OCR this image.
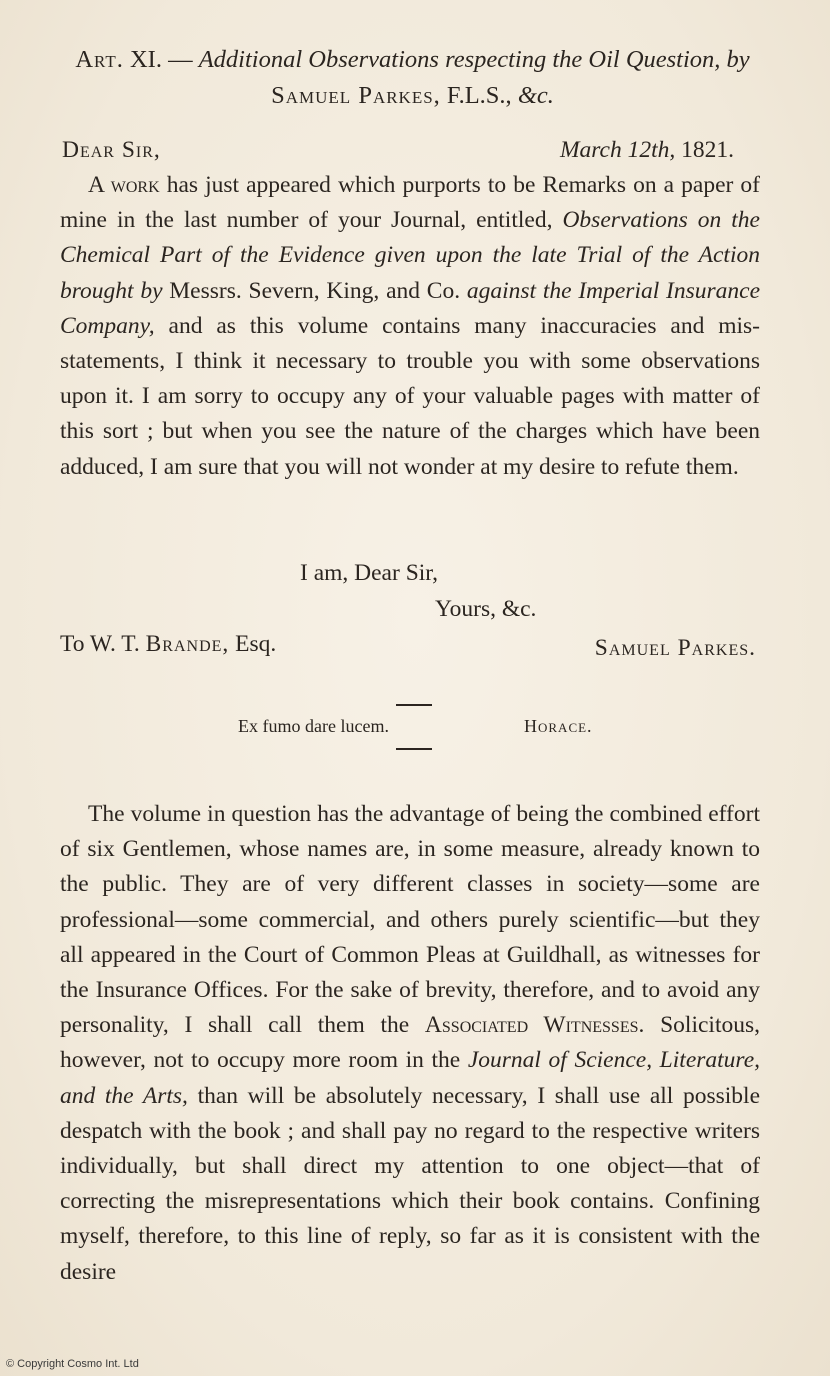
Art. XI. — Additional Observations respecting the Oil Question, by Samuel Parkes, F.L.S., &c.
Dear Sir,	March 12th, 1821.

A work has just appeared which purports to be Remarks on a paper of mine in the last number of your Journal, entitled, Observations on the Chemical Part of the Evidence given upon the late Trial of the Action brought by Messrs. Severn, King, and Co. against the Imperial Insurance Company, and as this volume contains many inaccuracies and mis-statements, I think it necessary to trouble you with some observations upon it. I am sorry to occupy any of your valuable pages with matter of this sort ; but when you see the nature of the charges which have been adduced, I am sure that you will not wonder at my desire to refute them.

I am, Dear Sir,
Yours, &c.
To W. T. Brande, Esq.	Samuel Parkes.
Ex fumo dare lucem.	Horace.

The volume in question has the advantage of being the combined effort of six Gentlemen, whose names are, in some measure, already known to the public. They are of very different classes in society—some are professional—some commercial, and others purely scientific—but they all appeared in the Court of Common Pleas at Guildhall, as witnesses for the Insurance Offices. For the sake of brevity, therefore, and to avoid any personality, I shall call them the Associated Witnesses. Solicitous, however, not to occupy more room in the Journal of Science, Literature, and the Arts, than will be absolutely necessary, I shall use all possible despatch with the book ; and shall pay no regard to the respective writers individually, but shall direct my attention to one object—that of correcting the misrepresentations which their book contains. Confining myself, therefore, to this line of reply, so far as it is consistent with the desire

© Copyright Cosmo Int. Ltd
